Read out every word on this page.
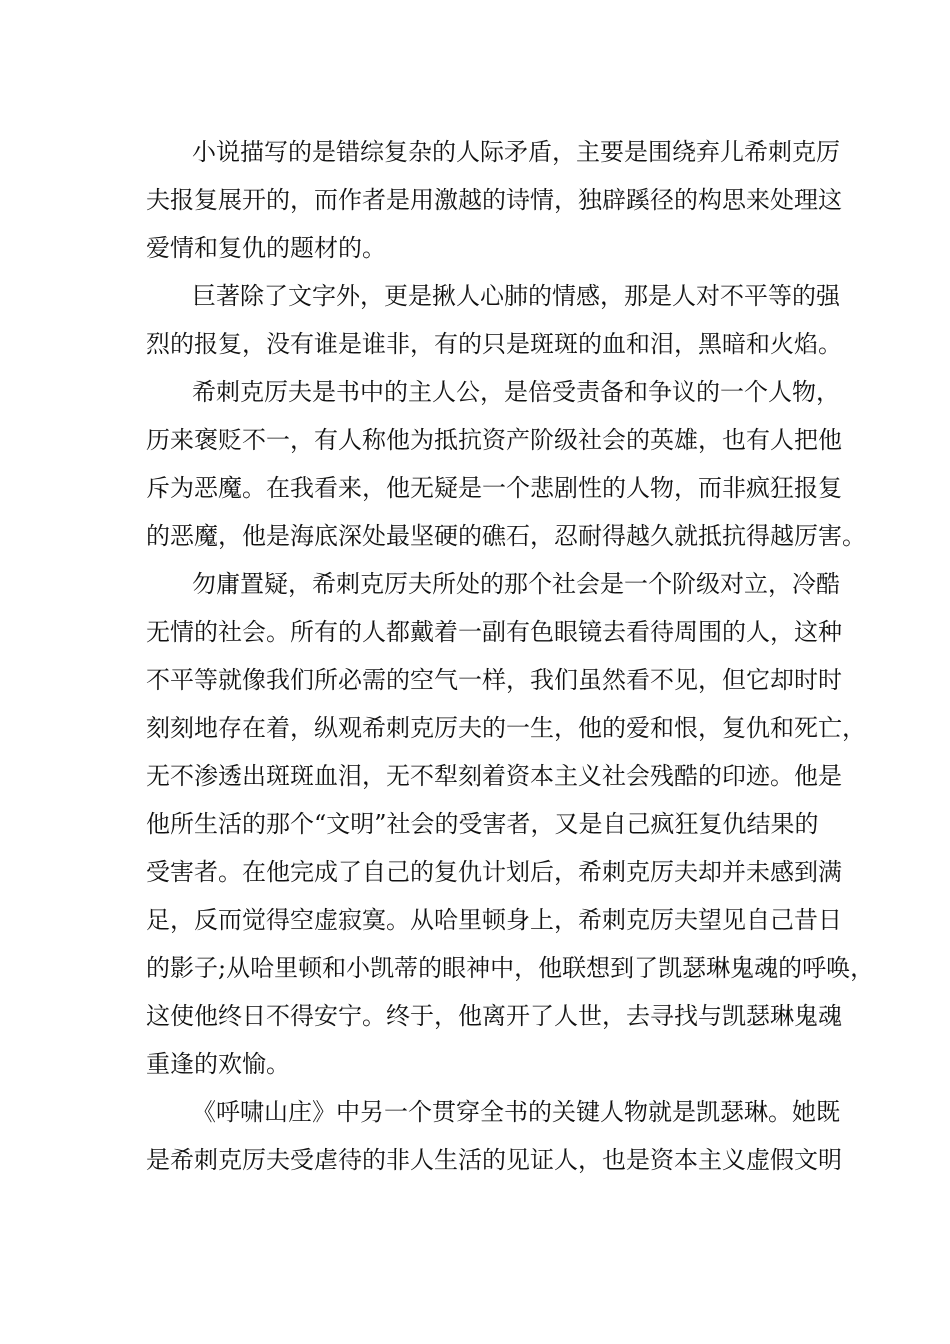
小说描写的是错综复杂的人际矛盾，主要是围绕弃儿希刺克厉
夫报复展开的，而作者是用激越的诗情，独辟蹊径的构思来处理这
爱情和复仇的题材的。
巨著除了文字外，更是揪人心肺的情感，那是人对不平等的强
烈的报复，没有谁是谁非，有的只是斑斑的血和泪，黑暗和火焰。
希刺克厉夫是书中的主人公，是倍受责备和争议的一个人物，
历来褒贬不一，有人称他为抵抗资产阶级社会的英雄，也有人把他
斥为恶魔。在我看来，他无疑是一个悲剧性的人物，而非疯狂报复
的恶魔，他是海底深处最坚硬的礁石，忍耐得越久就抵抗得越厉害。
勿庸置疑，希刺克厉夫所处的那个社会是一个阶级对立，冷酷
无情的社会。所有的人都戴着一副有色眼镜去看待周围的人，这种
不平等就像我们所必需的空气一样，我们虽然看不见，但它却时时
刻刻地存在着，纵观希刺克厉夫的一生，他的爱和恨，复仇和死亡，
无不渗透出斑斑血泪，无不犁刻着资本主义社会残酷的印迹。他是
他所生活的那个“文明”社会的受害者，又是自己疯狂复仇结果的
受害者。在他完成了自己的复仇计划后，希刺克厉夫却并未感到满
足，反而觉得空虚寂寞。从哈里顿身上，希刺克厉夫望见自己昔日
的影子;从哈里顿和小凯蒂的眼神中，他联想到了凯瑟琳鬼魂的呼唤，
这使他终日不得安宁。终于，他离开了人世，去寻找与凯瑟琳鬼魂
重逢的欢愉。
《呼啸山庄》中另一个贯穿全书的关键人物就是凯瑟琳。她既
是希刺克厉夫受虐待的非人生活的见证人，也是资本主义虚假文明
